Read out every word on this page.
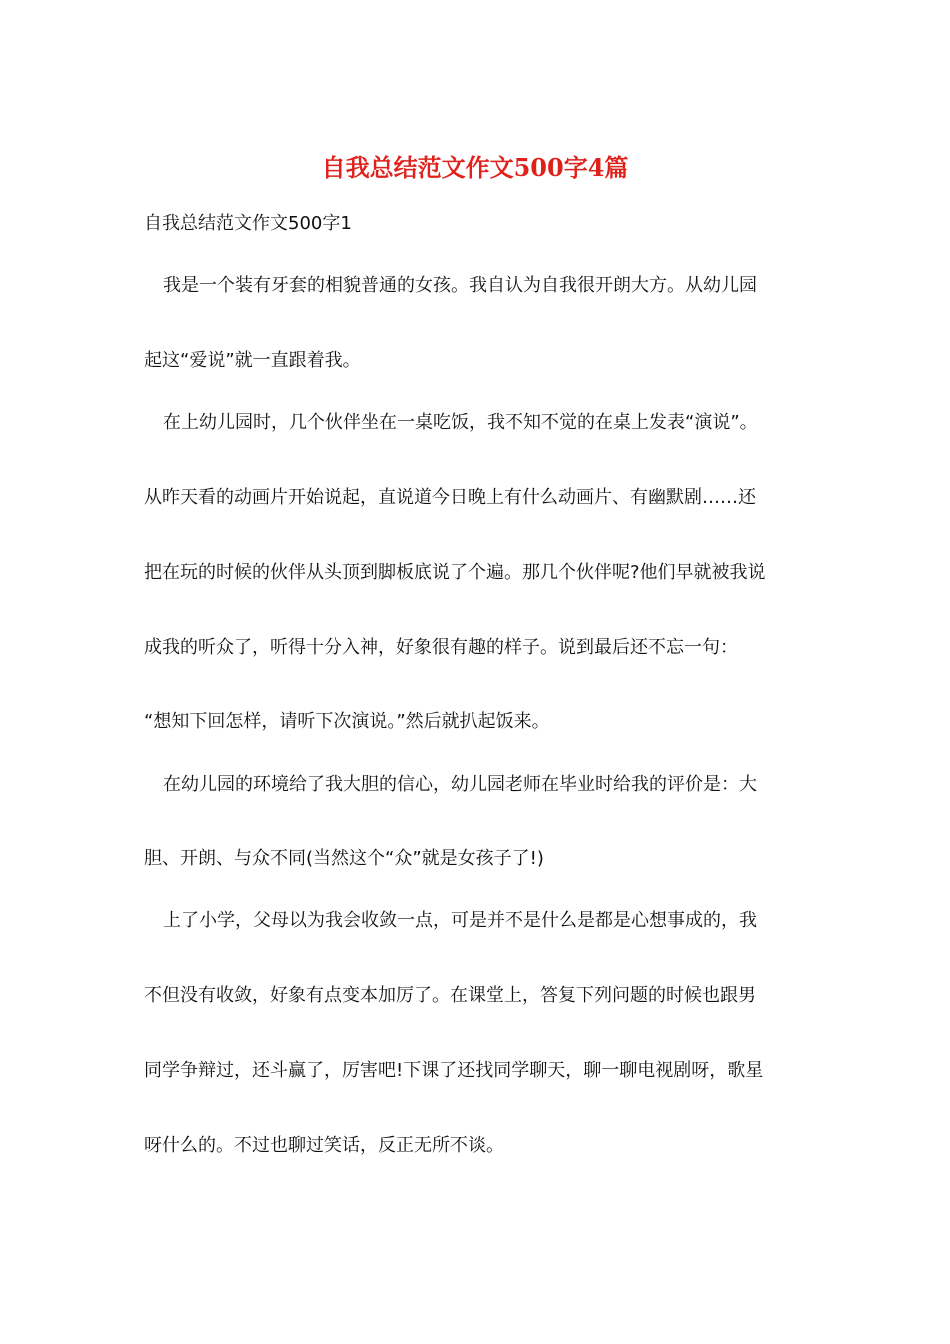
自我总结范文作文500字4篇

自我总结范文作文500字1

我是一个装有牙套的相貌普通的女孩。我自认为自我很开朗大方。从幼儿园

起这“爱说”就一直跟着我。

在上幼儿园时，几个伙伴坐在一桌吃饭，我不知不觉的在桌上发表“演说”。

从昨天看的动画片开始说起，直说道今日晚上有什么动画片、有幽默剧……还

把在玩的时候的伙伴从头顶到脚板底说了个遍。那几个伙伴呢?他们早就被我说

成我的听众了，听得十分入神，好象很有趣的样子。说到最后还不忘一句：

“想知下回怎样，请听下次演说。”然后就扒起饭来。

在幼儿园的环境给了我大胆的信心，幼儿园老师在毕业时给我的评价是：大

胆、开朗、与众不同(当然这个“众”就是女孩子了!)

上了小学，父母以为我会收敛一点，可是并不是什么是都是心想事成的，我

不但没有收敛，好象有点变本加厉了。在课堂上，答复下列问题的时候也跟男

同学争辩过，还斗赢了，厉害吧!下课了还找同学聊天，聊一聊电视剧呀，歌星

呀什么的。不过也聊过笑话，反正无所不谈。
